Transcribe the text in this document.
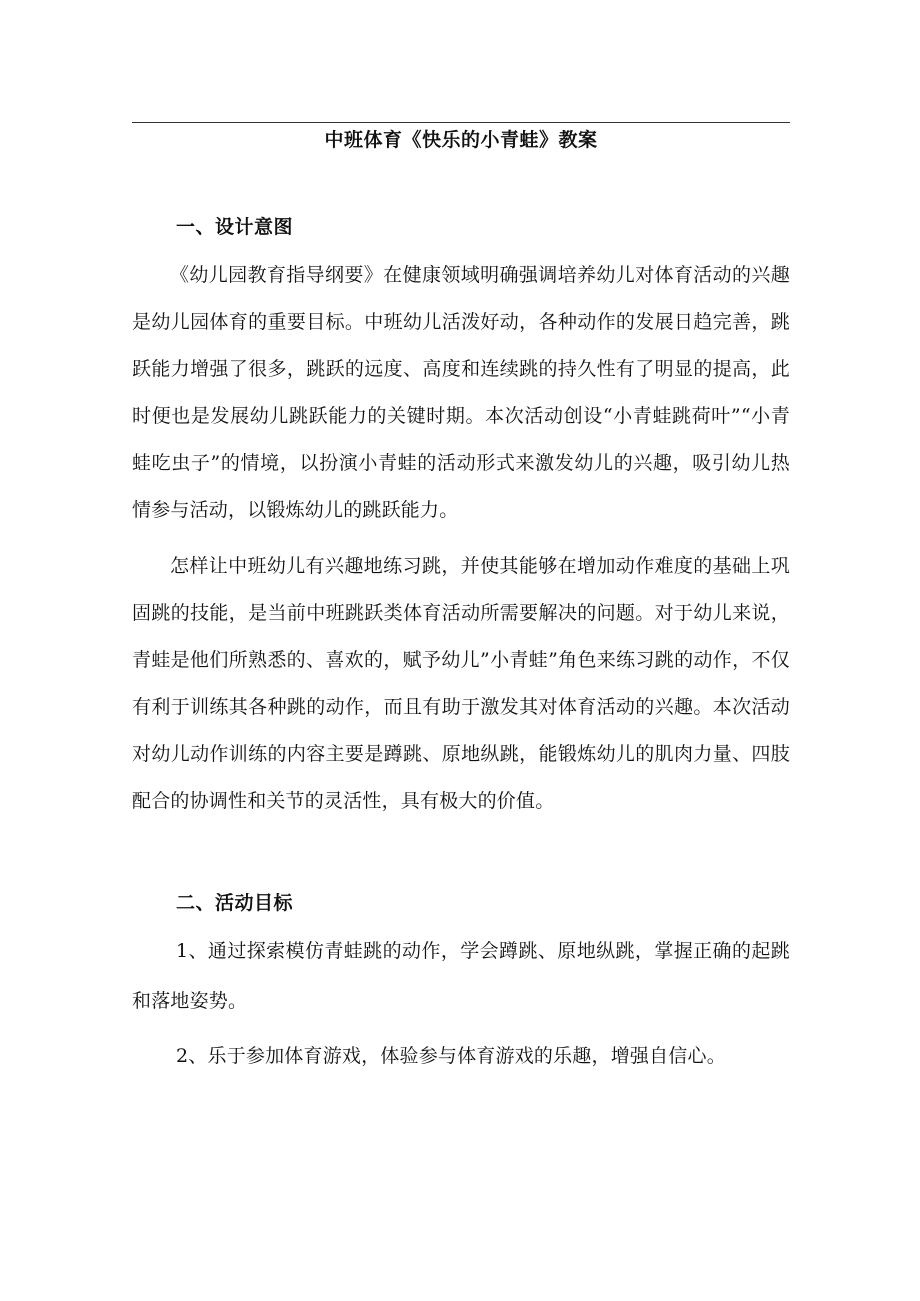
中班体育《快乐的小青蛙》教案
一、设计意图

《幼儿园教育指导纲要》在健康领域明确强调培养幼儿对体育活动的兴趣是幼儿园体育的重要目标。中班幼儿活泼好动，各种动作的发展日趋完善，跳跃能力增强了很多，跳跃的远度、高度和连续跳的持久性有了明显的提高，此时便也是发展幼儿跳跃能力的关键时期。本次活动创设“小青蛙跳荷叶”“小青蛙吃虫子”的情境，以扮演小青蛙的活动形式来激发幼儿的兴趣，吸引幼儿热情参与活动，以锻炼幼儿的跳跃能力。

怎样让中班幼儿有兴趣地练习跳，并使其能够在增加动作难度的基础上巩固跳的技能，是当前中班跳跃类体育活动所需要解决的问题。对于幼儿来说，青蛙是他们所熟悉的、喜欢的，赋予幼儿”小青蛙”角色来练习跳的动作，不仅有利于训练其各种跳的动作，而且有助于激发其对体育活动的兴趣。本次活动对幼儿动作训练的内容主要是蹲跳、原地纵跳，能锻炼幼儿的肌肉力量、四肢配合的协调性和关节的灵活性，具有极大的价值。

二、活动目标

1、通过探索模仿青蛙跳的动作，学会蹲跳、原地纵跳，掌握正确的起跳和落地姿势。

2、乐于参加体育游戏，体验参与体育游戏的乐趣，增强自信心。
